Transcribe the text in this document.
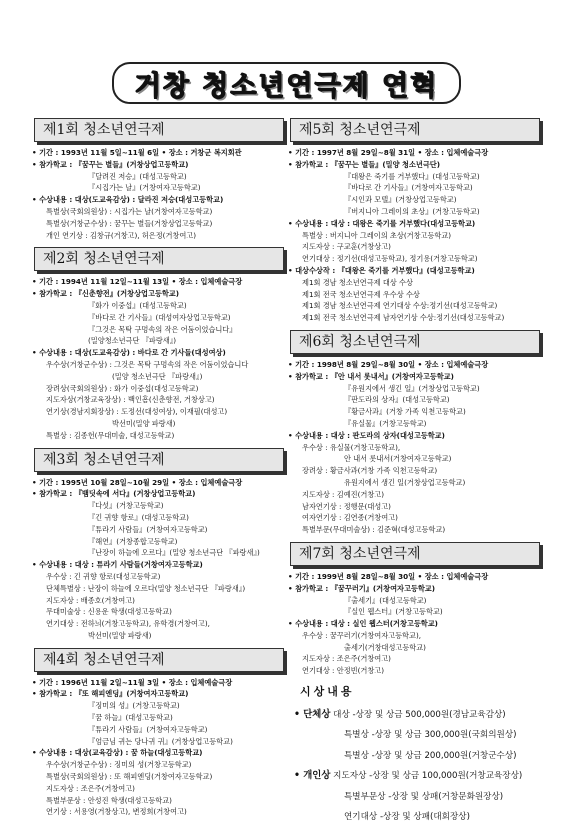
거창 청소년연극제 연혁
제1회 청소년연극제
• 기간 : 1993년 11월 5일~11월 6일 • 장소 : 거창군 복지회관
• 참가학교 : 『꿈꾸는 별들』(거창상업고등학교)
『달려진 저승』(대성고등학교)
『시집가는 날』(거창여자고등학교)
• 수상내용 : 대상(도교육감상) : 달라진 저승(대성고등학교)
특별상(국회의원상) : 시집가는 날(거창여자고등학교)
특별상(거창군수상) : 꿈꾸는 별들(거창상업고등학교)
개인 연기상 : 김창규(거창고), 허은정(거창여고)
제2회 청소년연극제
• 기간 : 1994년 11월 12일~11월 13일 • 장소 : 입체예술극장
• 참가학교 : 『신춘향전』(거창상업고등학교)
『화가 이중섭』(대성고등학교)
『바다로 간 기사들』(대성여자상업고등학교)
『그것은 목탁 구멍속의 작은 어둠이었습니다』
(밀양청소년극단 『파랑새』)
• 수상내용 : 대상(도교육감상) : 바다로 간 기사들(대성여상)
우수상(거창군수상) : 그것은 목탁 구멍속의 작은 어둠이었습니다
(밀양 청소년극단 『파랑새』)
장려상(국회의원상) : 화가 이중섭(대성고등학교)
지도자상(거창교육장상) : 백인흠(신춘향전, 거창상고)
연기상(경남지회장상) : 도정선(대성여상), 이재필(대성고)
박선미(밀양 파랑새)
특별상 : 김종헌(무대미술, 대성고등학교)
제3회 청소년연극제
• 기간 : 1995년 10월 28일~10월 29일 • 장소 : 입체예술극장
• 참가학교 : 『뱀딧속에 서다』(거창상업고등학교)
『다섯』(거창고등학교)
『긴 귀향 항로』(대성고등학교)
『튜라기 사람들』(거창여자고등학교)
『해연』(거창종합고등학교)
『난장이 하늘에 오르다』(밀양 청소년극단 『파랑새』)
• 수상내용 : 대상 : 튜라기 사람들(거창여자고등학교)
우수상 : 긴 귀향 항로(대성고등학교)
단체특별상 : 난장이 하늘에 오르다(밀양 청소년극단 『파랑새』)
지도자상 : 배종호(거창여고)
무대미술상 : 신용운 학생(대성고등학교)
연기대상 : 전하늬(거창고등학교), 유학경(거창여고),
박선미(밀양 파랑새)
제4회 청소년연극제
• 기간 : 1996년 11월 2일~11월 3일 • 장소 : 입체예술극장
• 참가학교 : 『또 해피엔딩』(거창여자고등학교)
『징미의 성』(거창고등학교)
『꿈 하늘』(대성고등학교)
『튜라기 사람들』(거창여자고등학교)
『엄금님 귀는 당나귀 귀』(거창상업고등학교)
• 수상내용 : 대상(교육감상) : 꿈 하늘(대성고등학교)
우수상(거창군수상) : 징미의 성(거창고등학교)
특별상(국회의원상) : 또 해피엔딩(거창여자고등학교)
지도자상 : 조은주(거창여고)
특별부문상 : 안성진 학생(대성고등학교)
연기상 : 서용영(거창상고), 변정희(거창여고)
제5회 청소년연극제
• 기간 : 1997년 8월 29일~8월 31일 • 장소 : 입체예술극장
• 참가학교 : 『꿈꾸는 별들』(밀양 청소년극단)
『대왕은 죽기를 거부했다』(대성고등학교)
『바다로 간 기사들』(거창여자고등학교)
『시인과 모텔』(거창상업고등학교)
『버지니아 그레이의 초상』(거창고등학교)
• 수상내용 : 대상 : 대왕은 죽기를 거부했다(대성고등학교)
특별상 : 버지니아 그레이의 초상(거창고등학교)
지도자상 : 구교훈(거창상고)
연기대상 : 정기선(대성고등학교), 정기용(거창고등학교)
• 대상수상작 : 『대왕은 죽기를 거부했다』(대성고등학교)
제1회 경남 청소년연극제 대상 수상
제1회 전국 청소년연극제 우수상 수상
제1회 경남 청소년연극제 연기대상 수상:정기선(대성고등학교)
제1회 전국 청소년연극제 남자연기상 수상:정기선(대성고등학교)
제6회 청소년연극제
• 기간 : 1998년 8월 29일~8월 30일 • 장소 : 입체예술극장
• 참가학교 : 『안 내서 롯내서』(거창여자고등학교)
『유원지에서 생긴 일』(거창상업고등학교)
『판도라의 상자』(대성고등학교)
『황금사과』(거창 가족 익천고등학교)
『유실물』(거창고등학교)
• 수상내용 : 대상 : 판도라의 상자(대성고등학교)
우수상 : 유실물(거창고등학교),
안 내서 롯내서(거창여자고등학교)
장려상 : 황금사과(거창 가족 익천고등학교)
유원지에서 생긴 일(거창상업고등학교)
지도자상 : 김예진(거창고)
남자연기상 : 정행문(대성고)
여자연기상 : 김연종(거창여고)
특별부문(무대미술상) : 김준혁(대성고등학교)
제7회 청소년연극제
• 기간 : 1999년 8월 28일~8월 30일 • 장소 : 입체예술극장
• 참가학교 : 『꿈꾸러기』(거창여자고등학교)
『출세기』(대성고등학교)
『실인 웹스터』(거창고등학교)
• 수상내용 : 대상 : 실인 웹스터(거창고등학교)
우수상 : 꿈꾸러기(거창여자고등학교),
출세기(거창대성고등학교)
지도자상 : 조은주(거창여고)
연기대상 : 안정빈(거창고)
시상내용
• 단체상 대상 -상장 및 상금 500,000원(경남교육감상)
특별상 -상장 및 상금 300,000원(국회의원상)
특별상 -상장 및 상금 200,000원(거창군수상)
• 개인상 지도자상 -상장 및 상금 100,000원(거창교육장상)
특별부문상 -상장 및 상패(거창문화원장상)
연기대상 -상장 및 상패(대회장상)
